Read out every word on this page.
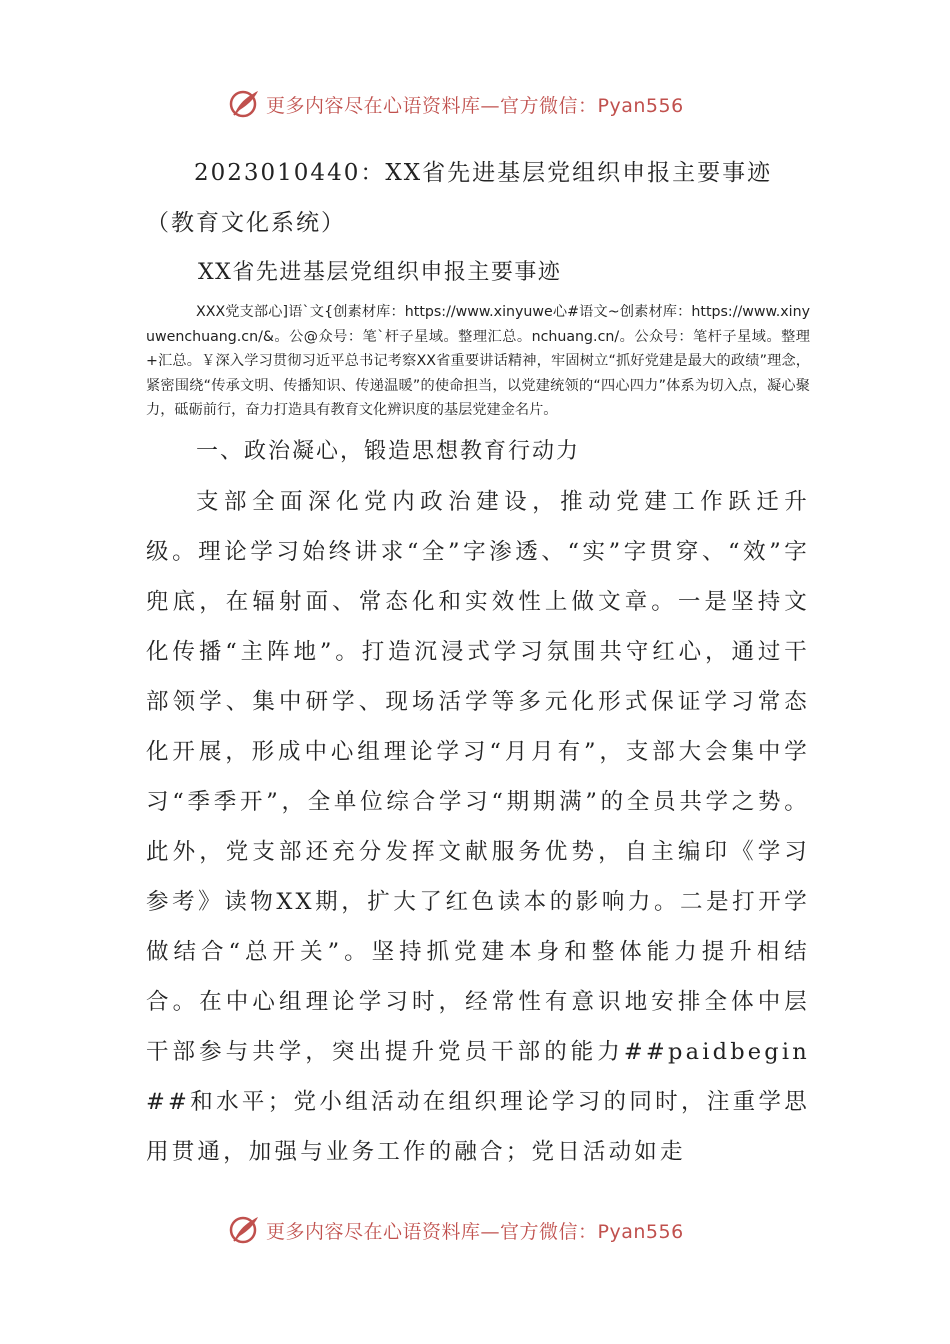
更多内容尽在心语资料库—官方微信：Pyan556

2023010440：XX省先进基层党组织申报主要事迹（教育文化系统）

XX省先进基层党组织申报主要事迹

XXX党支部心]语`文{创素材库：https://www.xinyuwe心#语文~创素材库：https://www.xinyuwenchuang.cn/&。公@众号：笔`杆子星域。整理汇总。nchuang.cn/。公众号：笔杆子星域。整理+汇总。￥深入学习贯彻习近平总书记考察XX省重要讲话精神，牢固树立“抓好党建是最大的政绩”理念，紧密围绕“传承文明、传播知识、传递温暖”的使命担当，以党建统领的“四心四力”体系为切入点，凝心聚力，砥砺前行，奋力打造具有教育文化辨识度的基层党建金名片。

一、政治凝心，锻造思想教育行动力

支部全面深化党内政治建设，推动党建工作跃迁升级。理论学习始终讲求“全”字渗透、“实”字贯穿、“效”字兜底，在辐射面、常态化和实效性上做文章。一是坚持文化传播“主阵地”。打造沉浸式学习氛围共守红心，通过干部领学、集中研学、现场活学等多元化形式保证学习常态化开展，形成中心组理论学习“月月有”，支部大会集中学习“季季开”，全单位综合学习“期期满”的全员共学之势。此外，党支部还充分发挥文献服务优势，自主编印《学习参考》读物XX期，扩大了红色读本的影响力。二是打开学做结合“总开关”。坚持抓党建本身和整体能力提升相结合。在中心组理论学习时，经常性有意识地安排全体中层干部参与共学，突出提升党员干部的能力##paidbegin##和水平；党小组活动在组织理论学习的同时，注重学思用贯通，加强与业务工作的融合；党日活动如走

更多内容尽在心语资料库—官方微信：Pyan556
